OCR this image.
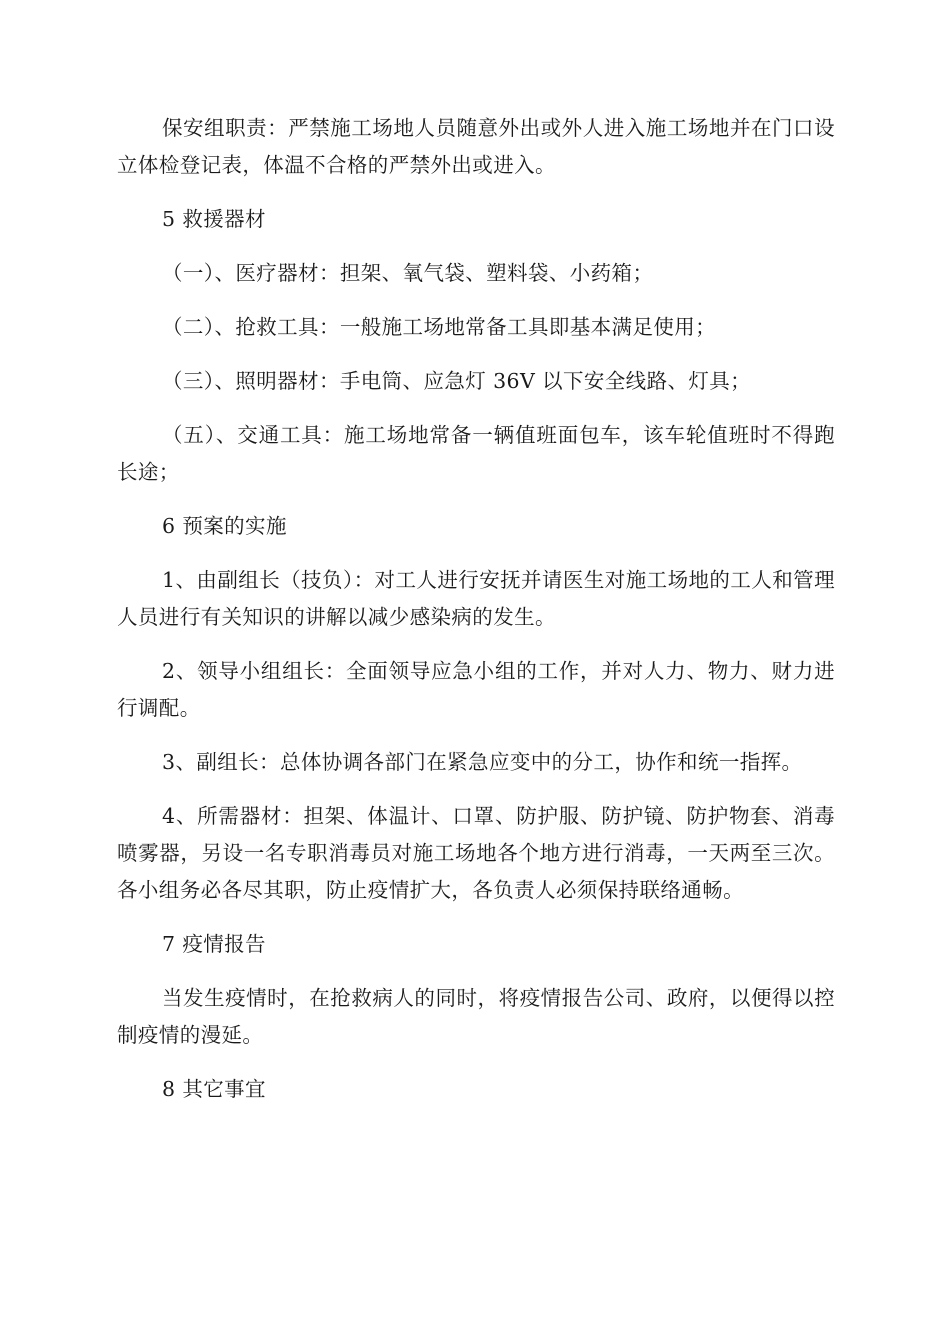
保安组职责：严禁施工场地人员随意外出或外人进入施工场地并在门口设立体检登记表，体温不合格的严禁外出或进入。

5 救援器材

（一）、医疗器材：担架、氧气袋、塑料袋、小药箱；

（二）、抢救工具：一般施工场地常备工具即基本满足使用；

（三）、照明器材：手电筒、应急灯 36V 以下安全线路、灯具；

（五）、交通工具：施工场地常备一辆值班面包车，该车轮值班时不得跑长途；

6 预案的实施

1、由副组长（技负）：对工人进行安抚并请医生对施工场地的工人和管理人员进行有关知识的讲解以减少感染病的发生。

2、领导小组组长：全面领导应急小组的工作，并对人力、物力、财力进行调配。

3、副组长：总体协调各部门在紧急应变中的分工，协作和统一指挥。

4、所需器材：担架、体温计、口罩、防护服、防护镜、防护物套、消毒喷雾器，另设一名专职消毒员对施工场地各个地方进行消毒，一天两至三次。各小组务必各尽其职，防止疫情扩大，各负责人必须保持联络通畅。

7 疫情报告

当发生疫情时，在抢救病人的同时，将疫情报告公司、政府，以便得以控制疫情的漫延。

8 其它事宜
